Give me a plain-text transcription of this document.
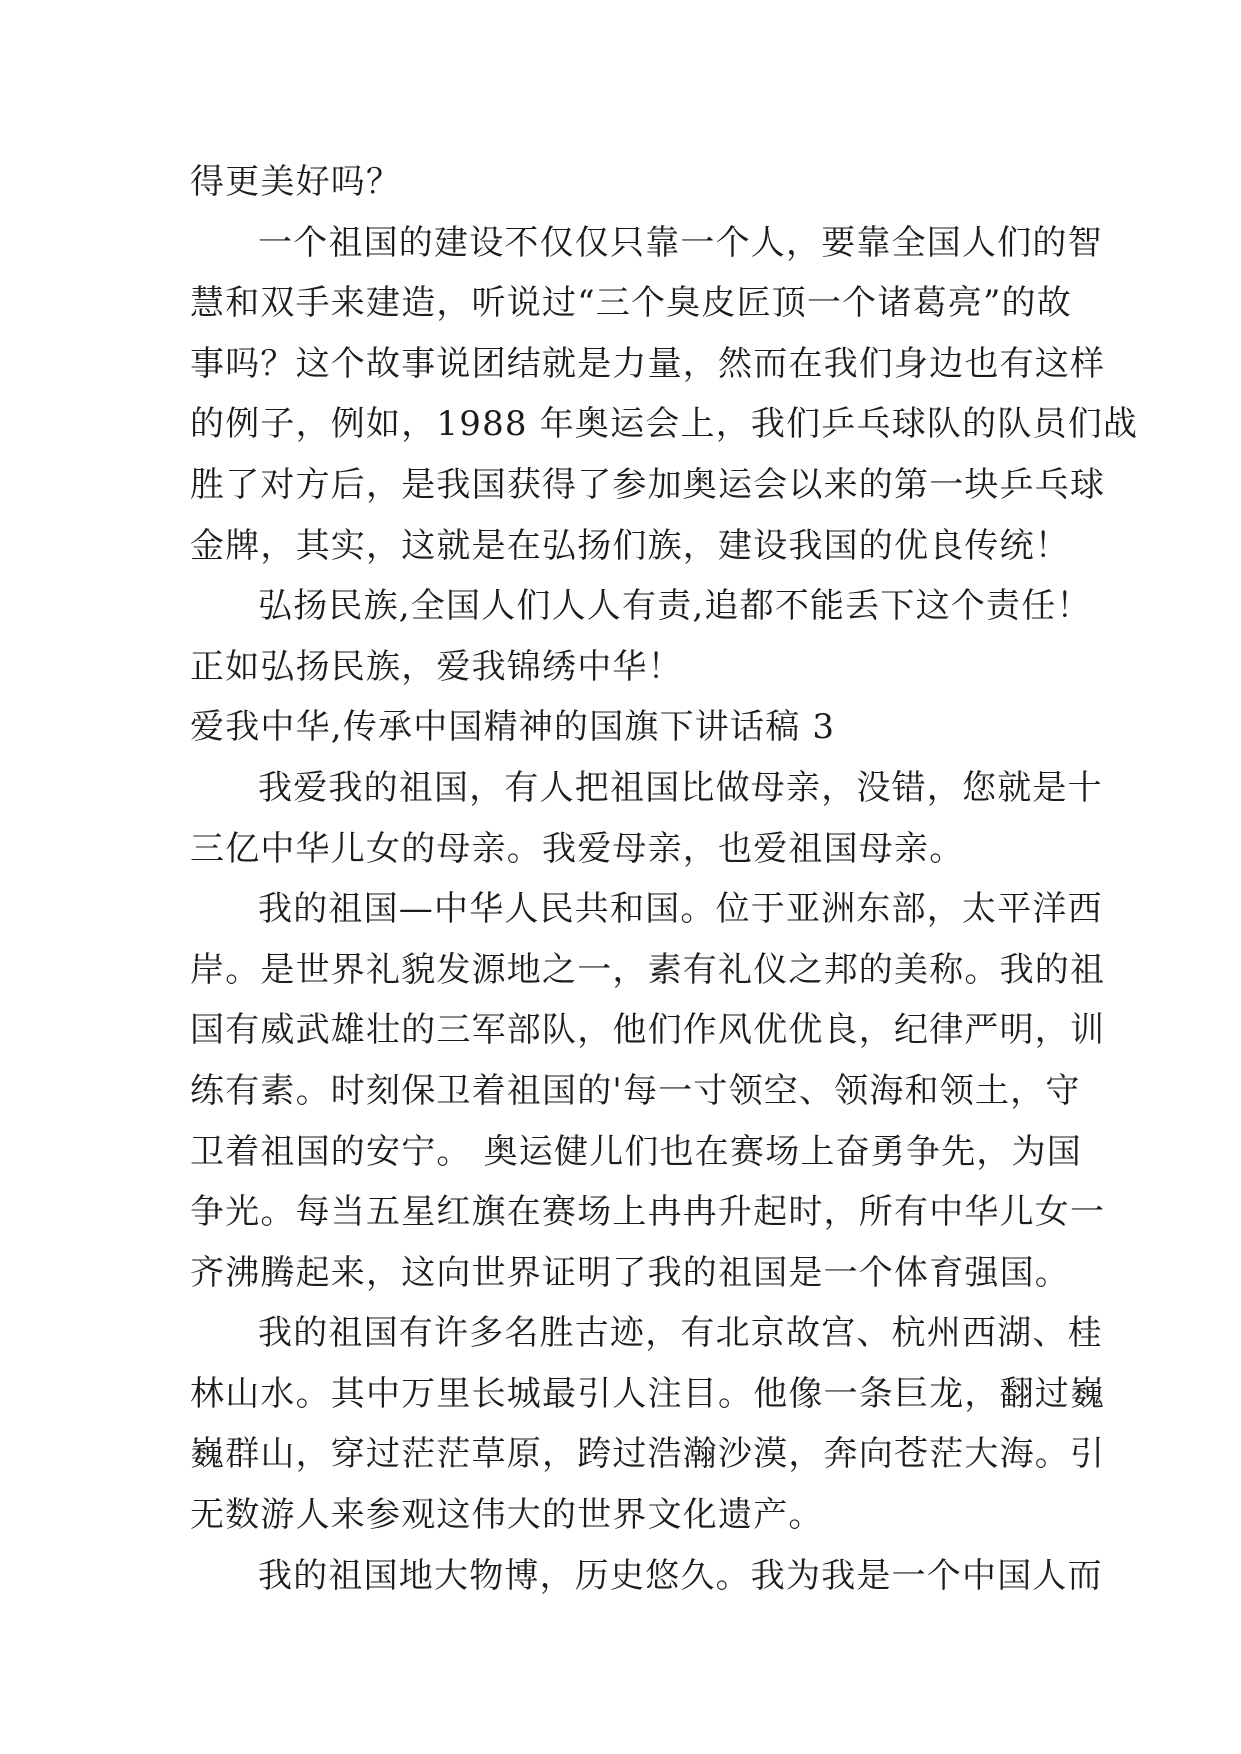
得更美好吗？
一个祖国的建设不仅仅只靠一个人，要靠全国人们的智
慧和双手来建造，听说过“三个臭皮匠顶一个诸葛亮”的故
事吗？这个故事说团结就是力量，然而在我们身边也有这样
的例子，例如，1988 年奥运会上，我们乒乓球队的队员们战
胜了对方后，是我国获得了参加奥运会以来的第一块乒乓球
金牌，其实，这就是在弘扬们族，建设我国的优良传统！
弘扬民族,全国人们人人有责,追都不能丢下这个责任！
正如弘扬民族，爱我锦绣中华！
爱我中华,传承中国精神的国旗下讲话稿 3
我爱我的祖国，有人把祖国比做母亲，没错，您就是十
三亿中华儿女的母亲。我爱母亲，也爱祖国母亲。
我的祖国—中华人民共和国。位于亚洲东部，太平洋西
岸。是世界礼貌发源地之一，素有礼仪之邦的美称。我的祖
国有威武雄壮的三军部队，他们作风优优良，纪律严明，训
练有素。时刻保卫着祖国的'每一寸领空、领海和领土，守
卫着祖国的安宁。 奥运健儿们也在赛场上奋勇争先，为国
争光。每当五星红旗在赛场上冉冉升起时，所有中华儿女一
齐沸腾起来，这向世界证明了我的祖国是一个体育强国。
我的祖国有许多名胜古迹，有北京故宫、杭州西湖、桂
林山水。其中万里长城最引人注目。他像一条巨龙，翻过巍
巍群山，穿过茫茫草原，跨过浩瀚沙漠，奔向苍茫大海。引
无数游人来参观这伟大的世界文化遗产。
我的祖国地大物博，历史悠久。我为我是一个中国人而
